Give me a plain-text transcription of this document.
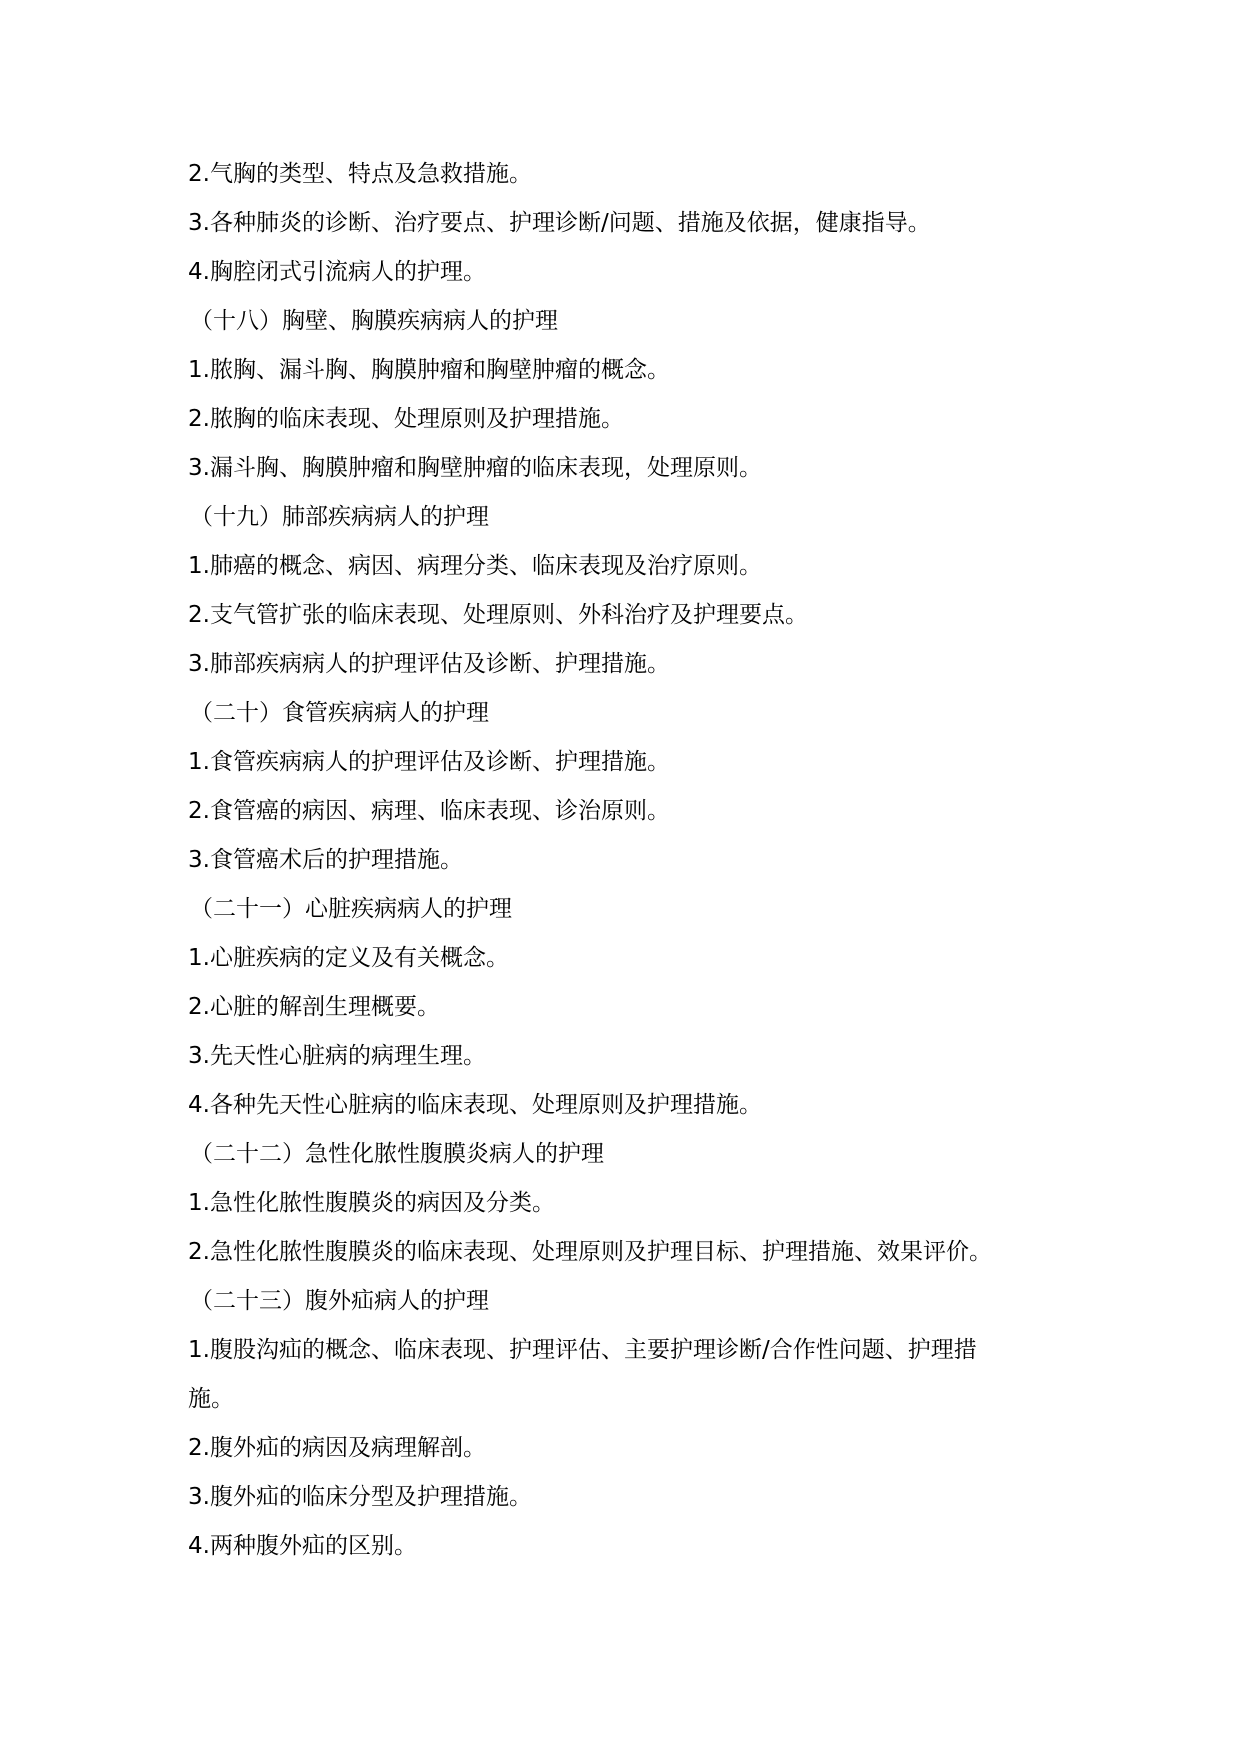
2.气胸的类型、特点及急救措施。

3.各种肺炎的诊断、治疗要点、护理诊断/问题、措施及依据，健康指导。

4.胸腔闭式引流病人的护理。

（十八）胸壁、胸膜疾病病人的护理

1.脓胸、漏斗胸、胸膜肿瘤和胸壁肿瘤的概念。

2.脓胸的临床表现、处理原则及护理措施。

3.漏斗胸、胸膜肿瘤和胸壁肿瘤的临床表现，处理原则。

（十九）肺部疾病病人的护理

1.肺癌的概念、病因、病理分类、临床表现及治疗原则。

2.支气管扩张的临床表现、处理原则、外科治疗及护理要点。

3.肺部疾病病人的护理评估及诊断、护理措施。

（二十）食管疾病病人的护理

1.食管疾病病人的护理评估及诊断、护理措施。

2.食管癌的病因、病理、临床表现、诊治原则。

3.食管癌术后的护理措施。

（二十一）心脏疾病病人的护理

1.心脏疾病的定义及有关概念。

2.心脏的解剖生理概要。

3.先天性心脏病的病理生理。

4.各种先天性心脏病的临床表现、处理原则及护理措施。

（二十二）急性化脓性腹膜炎病人的护理

1.急性化脓性腹膜炎的病因及分类。

2.急性化脓性腹膜炎的临床表现、处理原则及护理目标、护理措施、效果评价。

（二十三）腹外疝病人的护理

1.腹股沟疝的概念、临床表现、护理评估、主要护理诊断/合作性问题、护理措

施。

2.腹外疝的病因及病理解剖。

3.腹外疝的临床分型及护理措施。

4.两种腹外疝的区别。
